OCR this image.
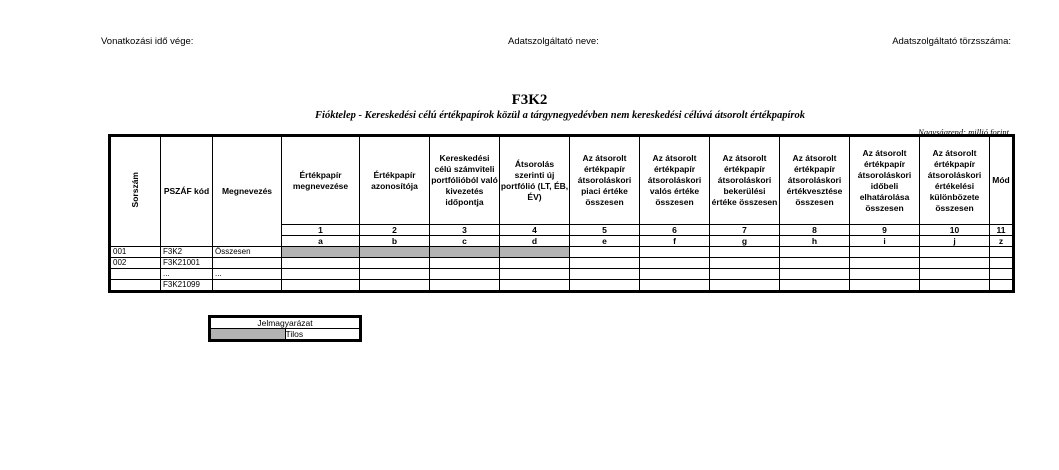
Vonatkozási idő vége:	Adatszolgáltató neve:	Adatszolgáltató törzsszáma:
F3K2
Fióktelep - Kereskedési célú értékpapírok közül a tárgynegyedévben nem kereskedési célúvá átsorolt értékpapírok
Nagyságrend: millió forint
Sorszám	PSZÁF kód	Megnevezés	Értékpapír megnevezése	Értékpapír azonosítója	Kereskedési célú számviteli portfólióból való kivezetés időpontja	Átsorolás szerinti új portfólió (LT, ÉB, ÉV)	Az átsorolt értékpapír átsoroláskori piaci értéke összesen	Az átsorolt értékpapír átsoroláskori valós értéke összesen	Az átsorolt értékpapír átsoroláskori bekerülési értéke összesen	Az átsorolt értékpapír átsoroláskori értékvesztése összesen	Az átsorolt értékpapír átsoroláskori időbeli elhatárolása összesen	Az átsorolt értékpapír átsoroláskori értékelési különbözete összesen	Mód
			1	2	3	4	5	6	7	8	9	10	11
			a	b	c	d	e	f	g	h	i	j	z
001	F3K2	Összesen											
002	F3K21001												
	...	...											
	F3K21099												
Jelmagyarázat
	Tilos
